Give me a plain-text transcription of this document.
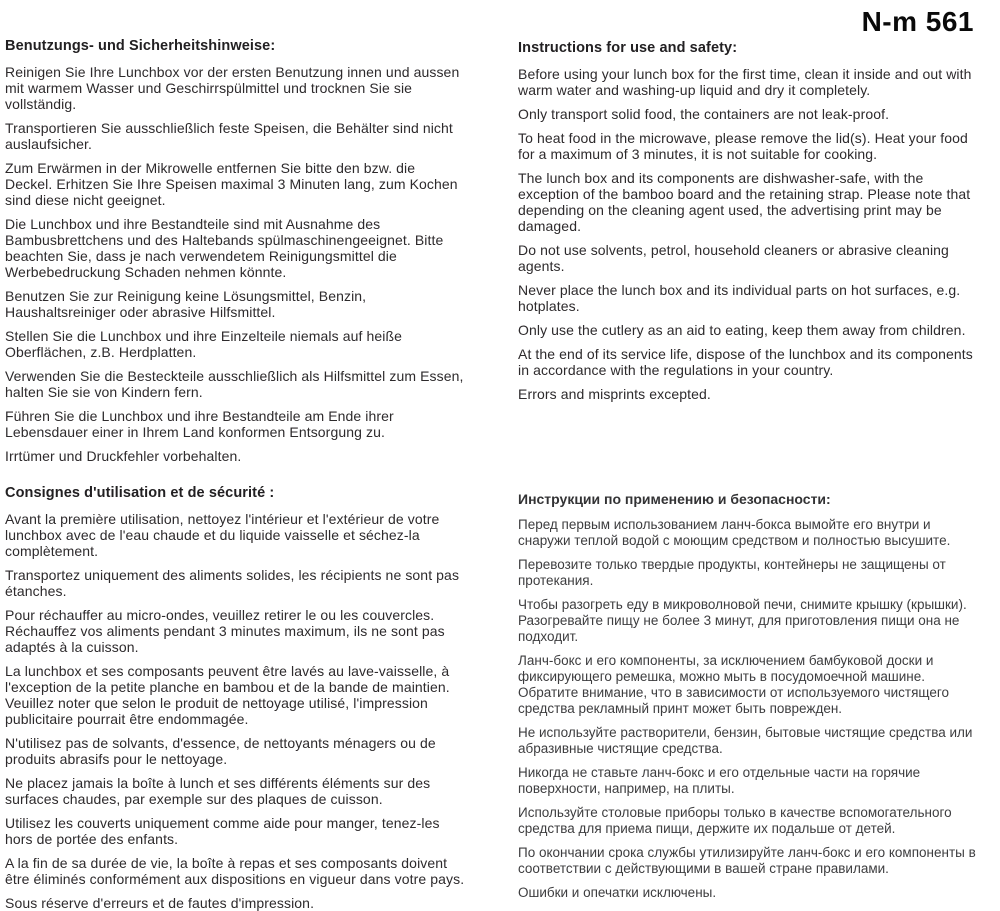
N-m 561
Benutzungs- und Sicherheitshinweise:

Reinigen Sie Ihre Lunchbox vor der ersten Benutzung innen und aussen mit warmem Wasser und Geschirrspülmittel und trocknen Sie sie vollständig.

Transportieren Sie ausschließlich feste Speisen, die Behälter sind nicht auslaufsicher.

Zum Erwärmen in der Mikrowelle entfernen Sie bitte den bzw. die Deckel. Erhitzen Sie Ihre Speisen maximal 3 Minuten lang, zum Kochen sind diese nicht geeignet.

Die Lunchbox und ihre Bestandteile sind mit Ausnahme des Bambusbrettchens und des Haltebands spülmaschinengeeignet. Bitte beachten Sie, dass je nach verwendetem Reinigungsmittel die Werbebedruckung Schaden nehmen könnte.

Benutzen Sie zur Reinigung keine Lösungsmittel, Benzin, Haushaltsreiniger oder abrasive Hilfsmittel.

Stellen Sie die Lunchbox und ihre Einzelteile niemals auf heiße Oberflächen, z.B. Herdplatten.

Verwenden Sie die Besteckteile ausschließlich als Hilfsmittel zum Essen, halten Sie sie von Kindern fern.

Führen Sie die Lunchbox und ihre Bestandteile am Ende ihrer Lebensdauer einer in Ihrem Land konformen Entsorgung zu.

Irrtümer und Druckfehler vorbehalten.

Instructions for use and safety:

Before using your lunch box for the first time, clean it inside and out with warm water and washing-up liquid and dry it completely.

Only transport solid food, the containers are not leak-proof.

To heat food in the microwave, please remove the lid(s). Heat your food for a maximum of 3 minutes, it is not suitable for cooking.

The lunch box and its components are dishwasher-safe, with the exception of the bamboo board and the retaining strap. Please note that depending on the cleaning agent used, the advertising print may be damaged.

Do not use solvents, petrol, household cleaners or abrasive cleaning agents.

Never place the lunch box and its individual parts on hot surfaces, e.g. hotplates.

Only use the cutlery as an aid to eating, keep them away from children.

At the end of its service life, dispose of the lunchbox and its components in accordance with the regulations in your country.

Errors and misprints excepted.

Consignes d'utilisation et de sécurité :

Avant la première utilisation, nettoyez l'intérieur et l'extérieur de votre lunchbox avec de l'eau chaude et du liquide vaisselle et séchez-la complètement.

Transportez uniquement des aliments solides, les récipients ne sont pas étanches.

Pour réchauffer au micro-ondes, veuillez retirer le ou les couvercles. Réchauffez vos aliments pendant 3 minutes maximum, ils ne sont pas adaptés à la cuisson.

La lunchbox et ses composants peuvent être lavés au lave-vaisselle, à l'exception de la petite planche en bambou et de la bande de maintien. Veuillez noter que selon le produit de nettoyage utilisé, l'impression publicitaire pourrait être endommagée.

N'utilisez pas de solvants, d'essence, de nettoyants ménagers ou de produits abrasifs pour le nettoyage.

Ne placez jamais la boîte à lunch et ses différents éléments sur des surfaces chaudes, par exemple sur des plaques de cuisson.

Utilisez les couverts uniquement comme aide pour manger, tenez-les hors de portée des enfants.

A la fin de sa durée de vie, la boîte à repas et ses composants doivent être éliminés conformément aux dispositions en vigueur dans votre pays.

Sous réserve d'erreurs et de fautes d'impression.

Инструкции по применению и безопасности:

Перед первым использованием ланч-бокса вымойте его внутри и снаружи теплой водой с моющим средством и полностью высушите.

Перевозите только твердые продукты, контейнеры не защищены от протекания.

Чтобы разогреть еду в микроволновой печи, снимите крышку (крышки). Разогревайте пищу не более 3 минут, для приготовления пищи она не подходит.

Ланч-бокс и его компоненты, за исключением бамбуковой доски и фиксирующего ремешка, можно мыть в посудомоечной машине. Обратите внимание, что в зависимости от используемого чистящего средства рекламный принт может быть поврежден.

Не используйте растворители, бензин, бытовые чистящие средства или абразивные чистящие средства.

Никогда не ставьте ланч-бокс и его отдельные части на горячие поверхности, например, на плиты.

Используйте столовые приборы только в качестве вспомогательного средства для приема пищи, держите их подальше от детей.

По окончании срока службы утилизируйте ланч-бокс и его компоненты в соответствии с действующими в вашей стране правилами.

Ошибки и опечатки исключены.
